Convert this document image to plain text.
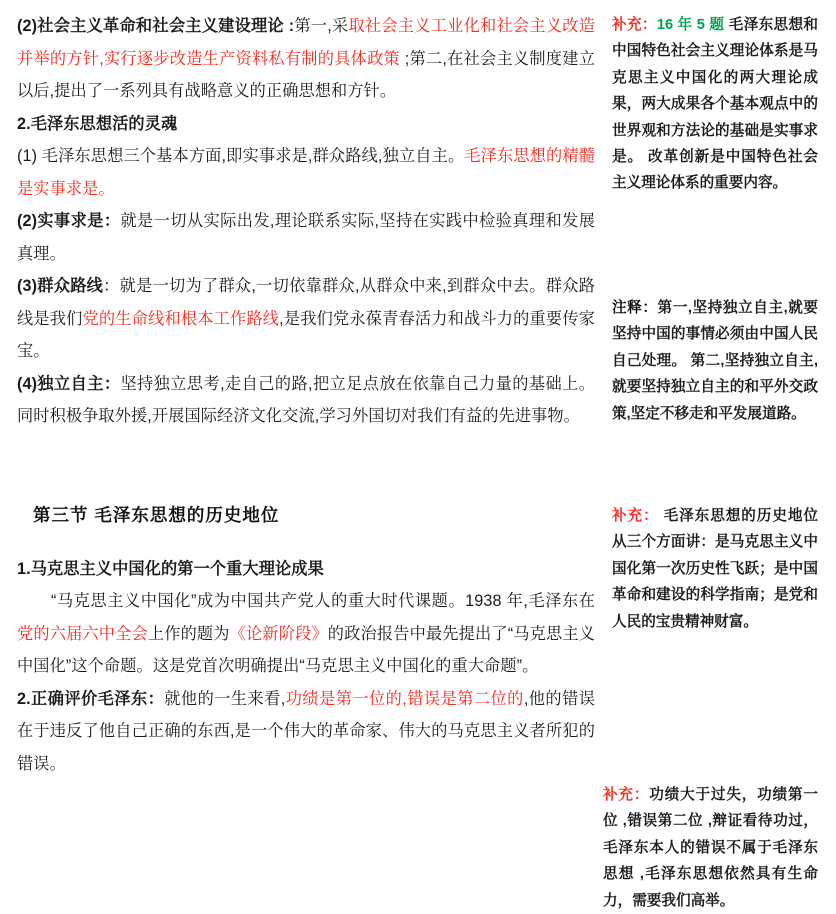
(2)社会主义革命和社会主义建设理论 :第一,采取社会主义工业化和社会主义改造并举的方针,实行逐步改造生产资料私有制的具体政策 ;第二,在社会主义制度建立以后,提出了一系列具有战略意义的正确思想和方针。

2.毛泽东思想活的灵魂

(1) 毛泽东思想三个基本方面,即实事求是,群众路线,独立自主。毛泽东思想的精髓是实事求是。

(2)实事求是：就是一切从实际出发,理论联系实际,坚持在实践中检验真理和发展真理。

(3)群众路线：就是一切为了群众,一切依靠群众,从群众中来,到群众中去。群众路线是我们党的生命线和根本工作路线,是我们党永葆青春活力和战斗力的重要传家宝。

(4)独立自主：坚持独立思考,走自己的路,把立足点放在依靠自己力量的基础上。同时积极争取外援,开展国际经济文化交流,学习外国切对我们有益的先进事物。

第三节 毛泽东思想的历史地位

1.马克思主义中国化的第一个重大理论成果

“马克思主义中国化”成为中国共产党人的重大时代课题。1938 年,毛泽东在党的六届六中全会上作的题为《论新阶段》的政治报告中最先提出了“马克思主义中国化”这个命题。这是党首次明确提出“马克思主义中国化的重大命题”。

2.正确评价毛泽东：就他的一生来看,功绩是第一位的,错误是第二位的,他的错误在于违反了他自己正确的东西,是一个伟大的革命家、伟大的马克思主义者所犯的错误。

补充：16 年 5 题 毛泽东思想和中国特色社会主义理论体系是马克思主义中国化的两大理论成果，两大成果各个基本观点中的世界观和方法论的基础是实事求是。 改革创新是中国特色社会主义理论体系的重要内容。
注释：第一,坚持独立自主,就要坚持中国的事情必须由中国人民自己处理。 第二,坚持独立自主,就要坚持独立自主的和平外交政策,坚定不移走和平发展道路。
补充： 毛泽东思想的历史地位从三个方面讲：是马克思主义中国化第一次历史性飞跃；是中国革命和建设的科学指南；是党和人民的宝贵精神财富。
补充：功绩大于过失，功绩第一位 ,错误第二位 ,辩证看待功过，毛泽东本人的错误不属于毛泽东思想 ,毛泽东思想依然具有生命力，需要我们高举。
